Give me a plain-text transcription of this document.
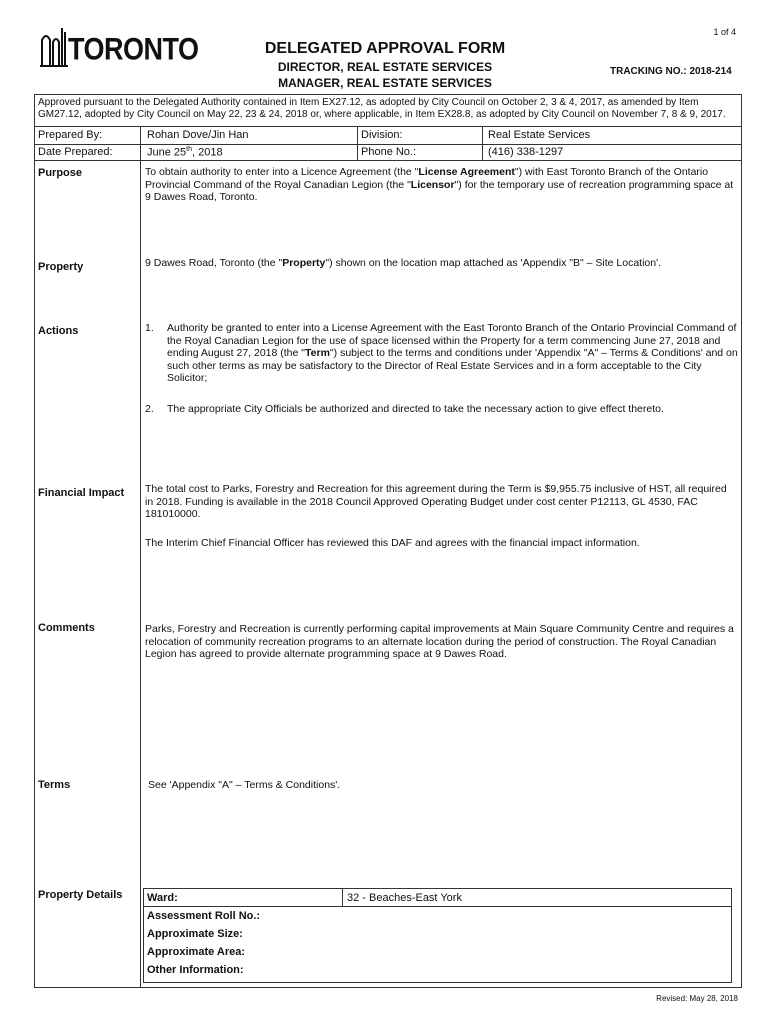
1 of 4
TORONTO	DELEGATED APPROVAL FORM
DIRECTOR, REAL ESTATE SERVICES
MANAGER, REAL ESTATE SERVICES
TRACKING NO.: 2018-214
Approved pursuant to the Delegated Authority contained in Item EX27.12, as adopted by City Council on October 2, 3 & 4, 2017, as amended by Item GM27.12, adopted by City Council on May 22, 23 & 24, 2018 or, where applicable, in Item EX28.8, as adopted by City Council on November 7, 8 & 9, 2017.
Prepared By:	Rohan Dove/Jin Han	Division:	Real Estate Services
Date Prepared:	June 25th, 2018	Phone No.:	(416) 338-1297
Purpose	To obtain authority to enter into a Licence Agreement (the "License Agreement") with East Toronto Branch of the Ontario Provincial Command of the Royal Canadian Legion (the "Licensor") for the temporary use of recreation programming space at 9 Dawes Road, Toronto.
Property	9 Dawes Road, Toronto (the "Property") shown on the location map attached as 'Appendix "B" – Site Location'.
Actions	1. Authority be granted to enter into a License Agreement with the East Toronto Branch of the Ontario Provincial Command of the Royal Canadian Legion for the use of space licensed within the Property for a term commencing June 27, 2018 and ending August 27, 2018 (the "Term") subject to the terms and conditions under 'Appendix "A" – Terms & Conditions' and on such other terms as may be satisfactory to the Director of Real Estate Services and in a form acceptable to the City Solicitor;
2. The appropriate City Officials be authorized and directed to take the necessary action to give effect thereto.
Financial Impact The total cost to Parks, Forestry and Recreation for this agreement during the Term is $9,955.75 inclusive of HST, all required in 2018. Funding is available in the 2018 Council Approved Operating Budget under cost center P12113, GL 4530, FAC 181010000.
The Interim Chief Financial Officer has reviewed this DAF and agrees with the financial impact information.
Comments	Parks, Forestry and Recreation is currently performing capital improvements at Main Square Community Centre and requires a relocation of community recreation programs to an alternate location during the period of construction. The Royal Canadian Legion has agreed to provide alternate programming space at 9 Dawes Road.
Terms	See 'Appendix "A" – Terms & Conditions'.
Property Details Ward:	32 - Beaches-East York
Assessment Roll No.:
Approximate Size:
Approximate Area:
Other Information:
Revised: May 28, 2018
